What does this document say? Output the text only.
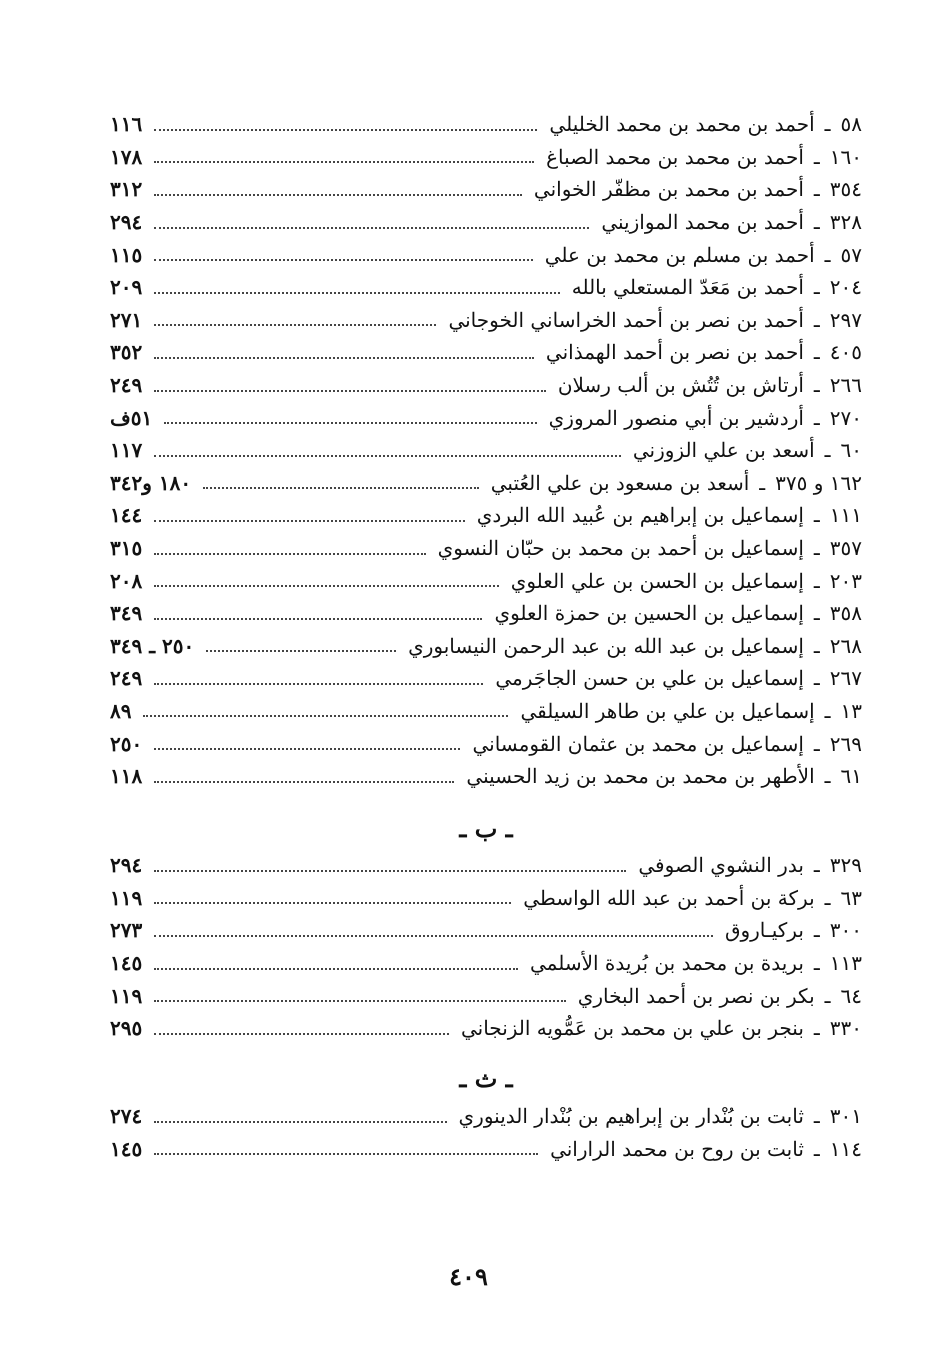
٥٨
ـ
أحمد بن محمد بن محمد الخليلي
١١٦
١٦٠
ـ
أحمد بن محمد بن محمد الصباغ
١٧٨
٣٥٤
ـ
أحمد بن محمد بن مظفّر الخواني
٣١٢
٣٢٨
ـ
أحمد بن محمد الموازيني
٢٩٤
٥٧
ـ
أحمد بن مسلم بن محمد بن علي
١١٥
٢٠٤
ـ
أحمد بن مَعَدّ المستعلي بالله
٢٠٩
٢٩٧
ـ
أحمد بن نصر بن أحمد الخراساني الخوجاني
٢٧١
٤٠٥
ـ
أحمد بن نصر بن أحمد الهمذاني
٣٥٢
٢٦٦
ـ
أرتاش بن تُتُش بن ألب رسلان
٢٤٩
٢٧٠
ـ
أردشير بن أبي منصور المروزي
٥١ف
٦٠
ـ
أسعد بن علي الزوزني
١١٧
١٦٢ و ٣٧٥
ـ
أسعد بن مسعود بن علي العُتبي
١٨٠ و٣٤٢
١١١
ـ
إسماعيل بن إبراهيم بن عُبيد الله البردي
١٤٤
٣٥٧
ـ
إسماعيل بن أحمد بن محمد بن حبّان النسوي
٣١٥
٢٠٣
ـ
إسماعيل بن الحسن بن علي العلوي
٢٠٨
٣٥٨
ـ
إسماعيل بن الحسين بن حمزة العلوي
٣٤٩
٢٦٨
ـ
إسماعيل بن عبد الله بن عبد الرحمن النيسابوري
٢٥٠ ـ ٣٤٩
٢٦٧
ـ
إسماعيل بن علي بن حسن الجاجَرمي
٢٤٩
١٣
ـ
إسماعيل بن علي بن طاهر السيلقي
٨٩
٢٦٩
ـ
إسماعيل بن محمد بن عثمان القومساني
٢٥٠
٦١
ـ
الأطهر بن محمد بن محمد بن زيد الحسيني
١١٨
ـ ب ـ
٣٢٩
ـ
بدر النشوي الصوفي
٢٩٤
٦٣
ـ
بركة بن أحمد بن عبد الله الواسطي
١١٩
٣٠٠
ـ
بركيـاروق
٢٧٣
١١٣
ـ
بريدة بن محمد بن بُريدة الأسلمي
١٤٥
٦٤
ـ
بكر بن نصر بن أحمد البخاري
١١٩
٣٣٠
ـ
بنجر بن علي بن محمد بن عَمُّويه الزنجاني
٢٩٥
ـ ث ـ
٣٠١
ـ
ثابت بن بُنْدار بن إبراهيم بن بُنْدار الدينوري
٢٧٤
١١٤
ـ
ثابت بن روح بن محمد الراراني
١٤٥
٤٠٩
